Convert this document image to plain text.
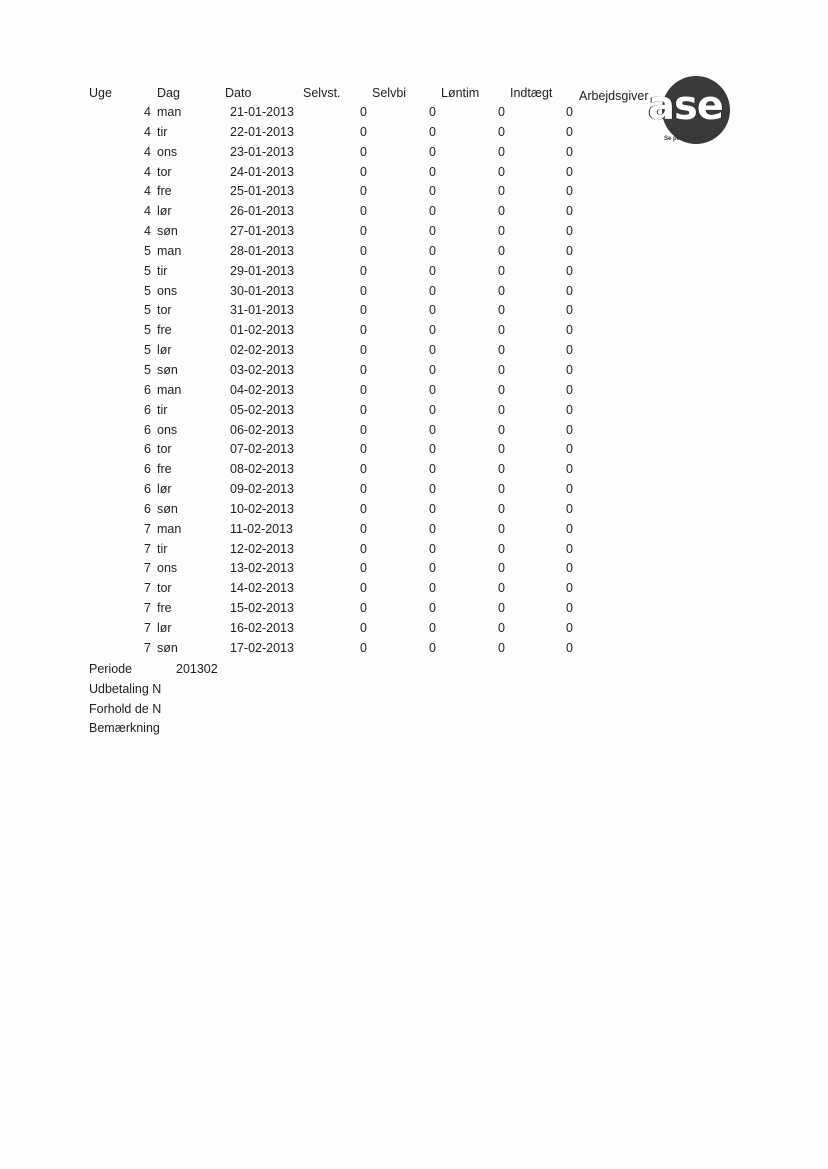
Uge	Dag	Dato	Selvst.	Selvbi	Løntim Indtægt Arbejdsgiver ase
Se potentialet
4 man	21-01-2013	0	0	0	0
4 tir	22-01-2013	0	0	0	0
4 ons	23-01-2013	0	0	0	0
4 tor	24-01-2013	0	0	0	0
4 fre	25-01-2013	0	0	0	0
4 lør	26-01-2013	0	0	0	0
4 søn	27-01-2013	0	0	0	0
5 man	28-01-2013	0	0	0	0
5 tir	29-01-2013	0	0	0	0
5 ons	30-01-2013	0	0	0	0
5 tor	31-01-2013	0	0	0	0
5 fre	01-02-2013	0	0	0	0
5 lør	02-02-2013	0	0	0	0
5 søn	03-02-2013	0	0	0	0
6 man	04-02-2013	0	0	0	0
6 tir	05-02-2013	0	0	0	0
6 ons	06-02-2013	0	0	0	0
6 tor	07-02-2013	0	0	0	0
6 fre	08-02-2013	0	0	0	0
6 lør	09-02-2013	0	0	0	0
6 søn	10-02-2013	0	0	0	0
7 man	11-02-2013	0	0	0	0
7 tir	12-02-2013	0	0	0	0
7 ons	13-02-2013	0	0	0	0
7 tor	14-02-2013	0	0	0	0
7 fre	15-02-2013	0	0	0	0
7 lør	16-02-2013	0	0	0	0
7 søn	17-02-2013	0	0	0	0
Periode	201302
Udbetaling N
Forhold de N
Bemærkning
